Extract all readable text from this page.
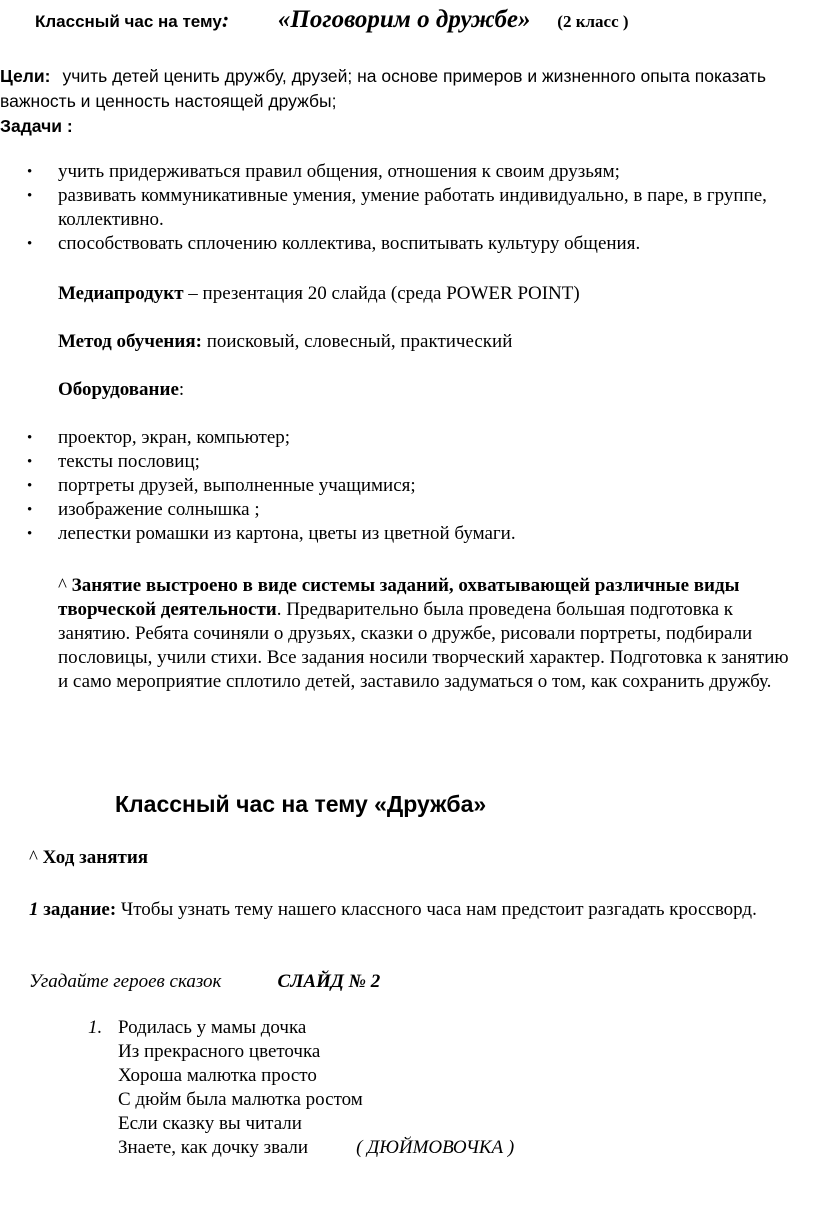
Классный час на тему: «Поговорим о дружбе» (2 класс )
Цели: учить детей ценить дружбу, друзей; на основе примеров и жизненного опыта показать важность и ценность настоящей дружбы;
Задачи :
• учить придерживаться правил общения, отношения к своим друзьям;
• развивать коммуникативные умения, умение работать индивидуально, в паре, в группе, коллективно.
• способствовать сплочению коллектива, воспитывать культуру общения.
Медиапродукт – презентация 20 слайда (среда POWER POINT)
Метод обучения: поисковый, словесный, практический
Оборудование:
• проектор, экран, компьютер;
• тексты пословиц;
• портреты друзей, выполненные учащимися;
• изображение солнышка ;
• лепестки ромашки из картона, цветы из цветной бумаги.
^ Занятие выстроено в виде системы заданий, охватывающей различные виды творческой деятельности. Предварительно была проведена большая подготовка к занятию. Ребята сочиняли о друзьях, сказки о дружбе, рисовали портреты, подбирали пословицы, учили стихи. Все задания носили творческий характер. Подготовка к занятию и само мероприятие сплотило детей, заставило задуматься о том, как сохранить дружбу.
Классный час на тему «Дружба»
^ Ход занятия
1 задание: Чтобы узнать тему нашего классного часа нам предстоит разгадать кроссворд.
Угадайте героев сказок	СЛАЙД № 2
1. Родилась у мамы дочка
Из прекрасного цветочка
Хороша малютка просто
С дюйм была малютка ростом
Если сказку вы читали
Знаете, как дочку звали	( ДЮЙМОВОЧКА )
